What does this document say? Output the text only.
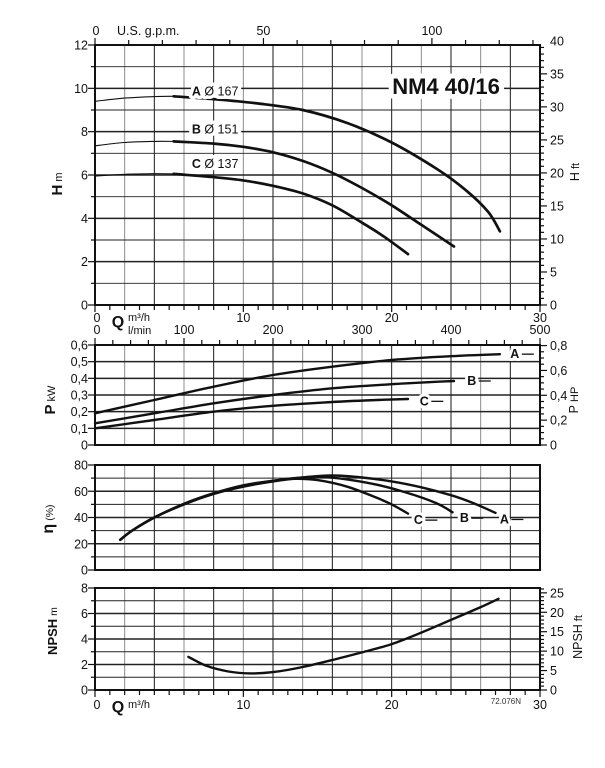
12
10
8
6
4
2
0
40
35
30
25
20
15
10
5
0
0	50	100
0	10	20	30
A Ø 167
B Ø 151
C Ø 137
0,6
0,5
0,4
0,3
0,2
0,1
0
0,8
0,6
0,4
0,2
0
0	100	200	300	400	500
A
B
C
80
60
40
20
0
A
B
C
8
6
4
2
0
25
20
15
10
5
0
0	10	20	30
Hm
PkW
η(%)
NPSHm
Hft
PHP
NPSHft
NM4 40/16
U.S. g.p.m.
Q m³/h
l/min
Q m³/h	72.076N
